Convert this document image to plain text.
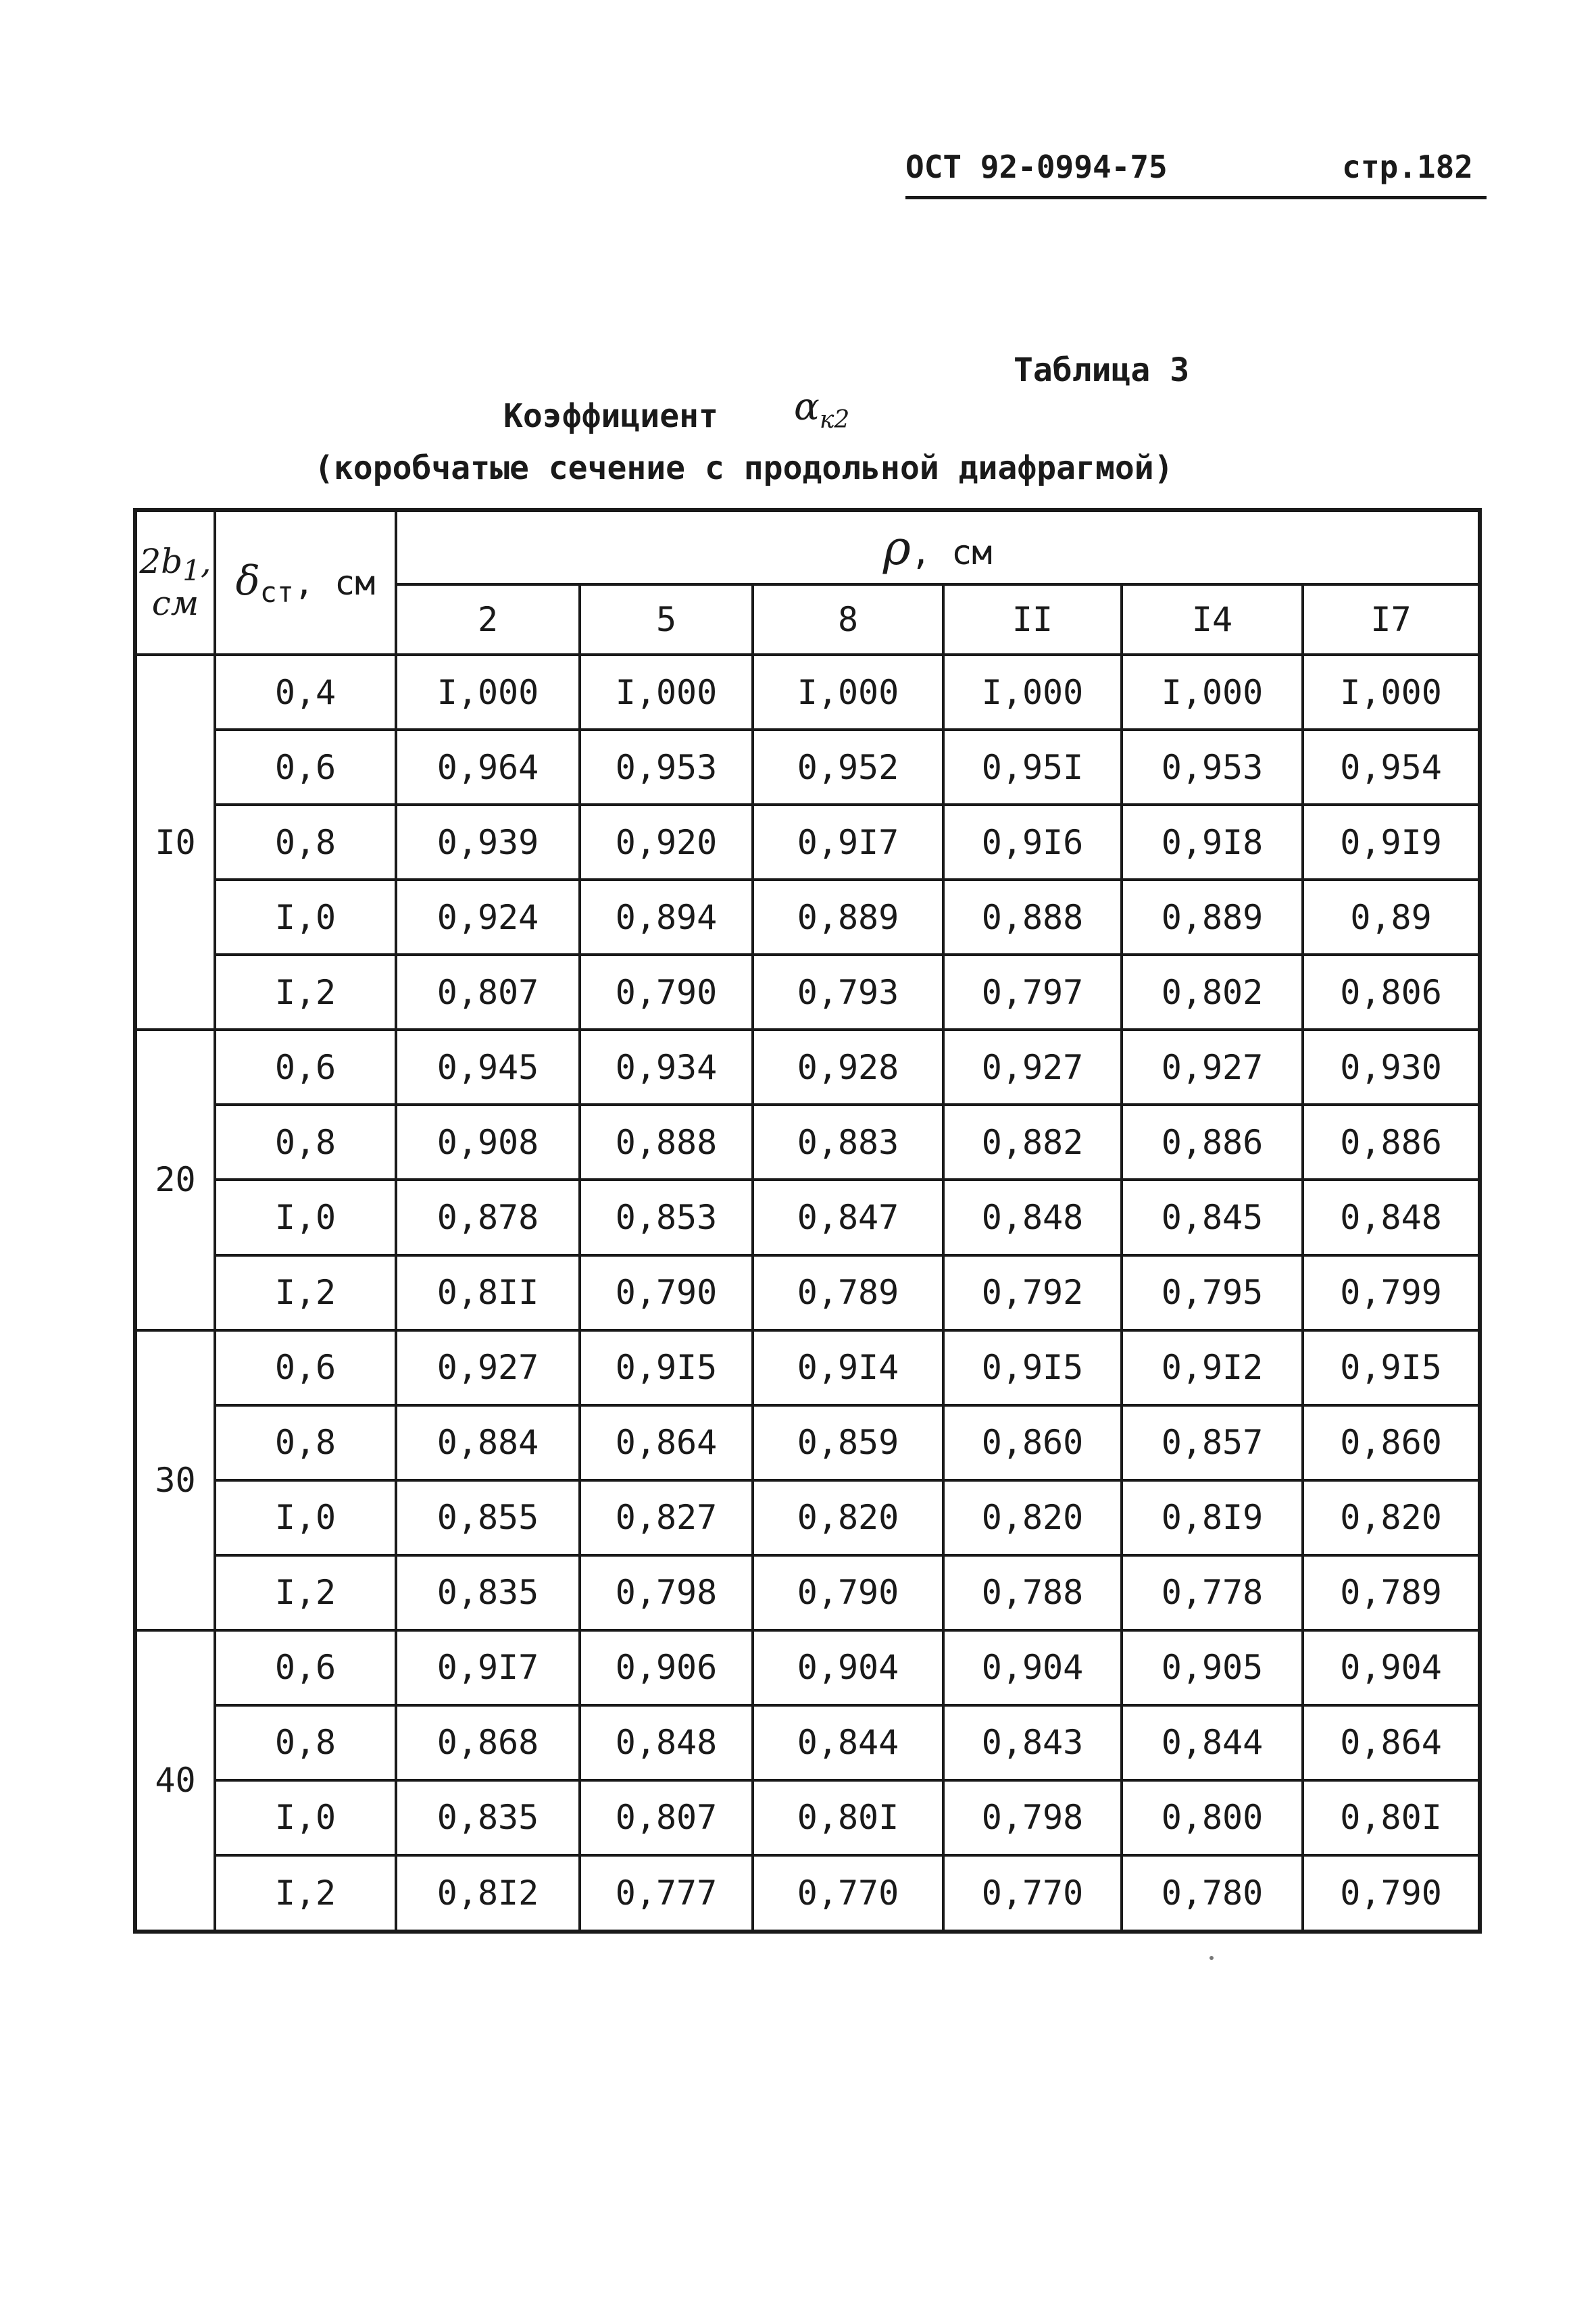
ОСТ 92-0994-75	стр.182
Таблица 3
Коэффициент $\alpha_{к2}$
(коробчатые сечение с продольной диафрагмой)
$2b_1$,
см	$\delta_{ст}$, см	ρ, см					
		2	5	8	II	I4	I7
I0	0,4	I,000	I,000	I,000	I,000	I,000	I,000
	0,6	0,964	0,953	0,952	0,95I	0,953	0,954
	0,8	0,939	0,920	0,9I7	0,9I6	0,9I8	0,9I9
	I,0	0,924	0,894	0,889	0,888	0,889	0,89
	I,2	0,807	0,790	0,793	0,797	0,802	0,806
20	0,6	0,945	0,934	0,928	0,927	0,927	0,930
	0,8	0,908	0,888	0,883	0,882	0,886	0,886
	I,0	0,878	0,853	0,847	0,848	0,845	0,848
	I,2	0,8II	0,790	0,789	0,792	0,795	0,799
30	0,6	0,927	0,9I5	0,9I4	0,9I5	0,9I2	0,9I5
	0,8	0,884	0,864	0,859	0,860	0,857	0,860
	I,0	0,855	0,827	0,820	0,820	0,8I9	0,820
	I,2	0,835	0,798	0,790	0,788	0,778	0,789
40	0,6	0,9I7	0,906	0,904	0,904	0,905	0,904
	0,8	0,868	0,848	0,844	0,843	0,844	0,864
	I,0	0,835	0,807	0,80I	0,798	0,800	0,80I
	I,2	0,8I2	0,777	0,770	0,770	0,780	0,790
